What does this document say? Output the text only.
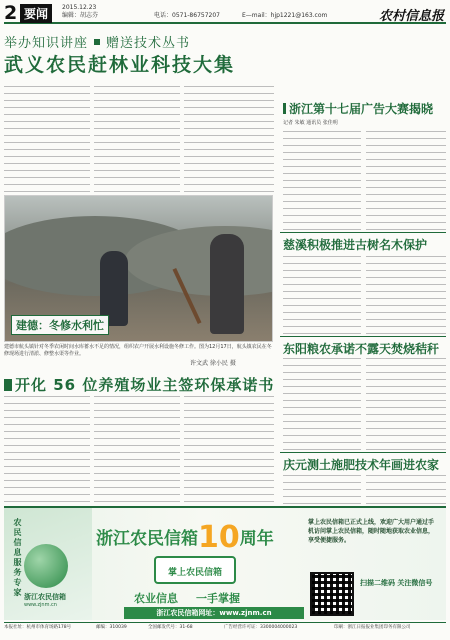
2 要闻	2015.12.23
编辑：胡志芬	电话：0571-86757207	E—mail：hjp1221@163.com	农村信息报
举办知识讲座 赠送技术丛书
武义农民赶林业科技大集
建德：冬修水利忙
建德市航头镇针对冬季农闲时间水库蓄水不足的情况，组织农户开展水利设施冬修工作。图为12月17日，航头镇农民在冬修现场进行清淤、修整水渠等作业。
许文武 徐小民 摄
浙江第十七届广告大赛揭晓
记者 朱敏 通讯员 张佳明
慈溪积极推进古树名木保护
东阳粮农承诺不露天焚烧秸秆
庆元测土施肥技术年画进农家
开化 56 位养殖场业主签环保承诺书
农民信息服务专家 浙江农民信箱
www.zjnm.cn
浙江农民信箱10周年
掌上农民信箱
农业信息 一手掌握
浙江农民信箱网址：www.zjnm.cn
掌上农民信箱已正式上线，欢迎广大用户通过手机访问掌上农民信箱，随时随地获取农业信息，享受便捷服务。
扫描二维码 关注微信号
本报社址：杭州市体育场路178号	邮编：310039	全国邮发代号：31-68	广告经营许可证：3300004000023	印刷：浙江日报报业集团印务有限公司
